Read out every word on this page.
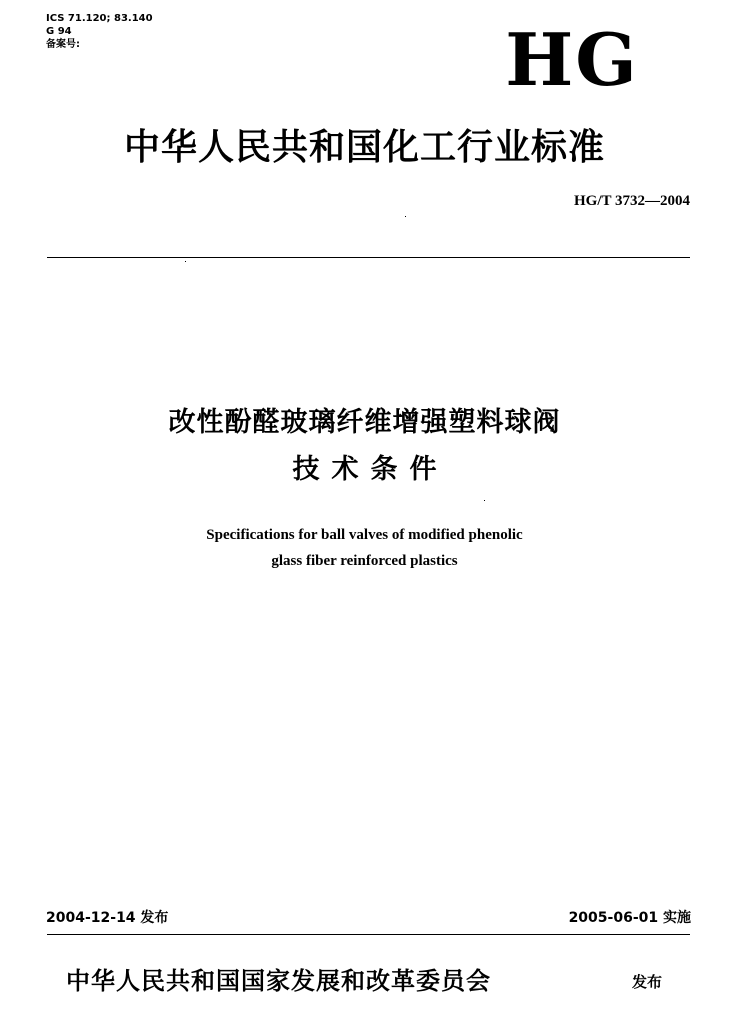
ICS 71.120; 83.140
G 94
备案号:	HG
中华人民共和国化工行业标准
HG/T 3732—2004
改性酚醛玻璃纤维增强塑料球阀
技术条件
Specifications for ball valves of modified phenolic
glass fiber reinforced plastics
2004-12-14 发布	2005-06-01 实施
中华人民共和国国家发展和改革委员会	发布
